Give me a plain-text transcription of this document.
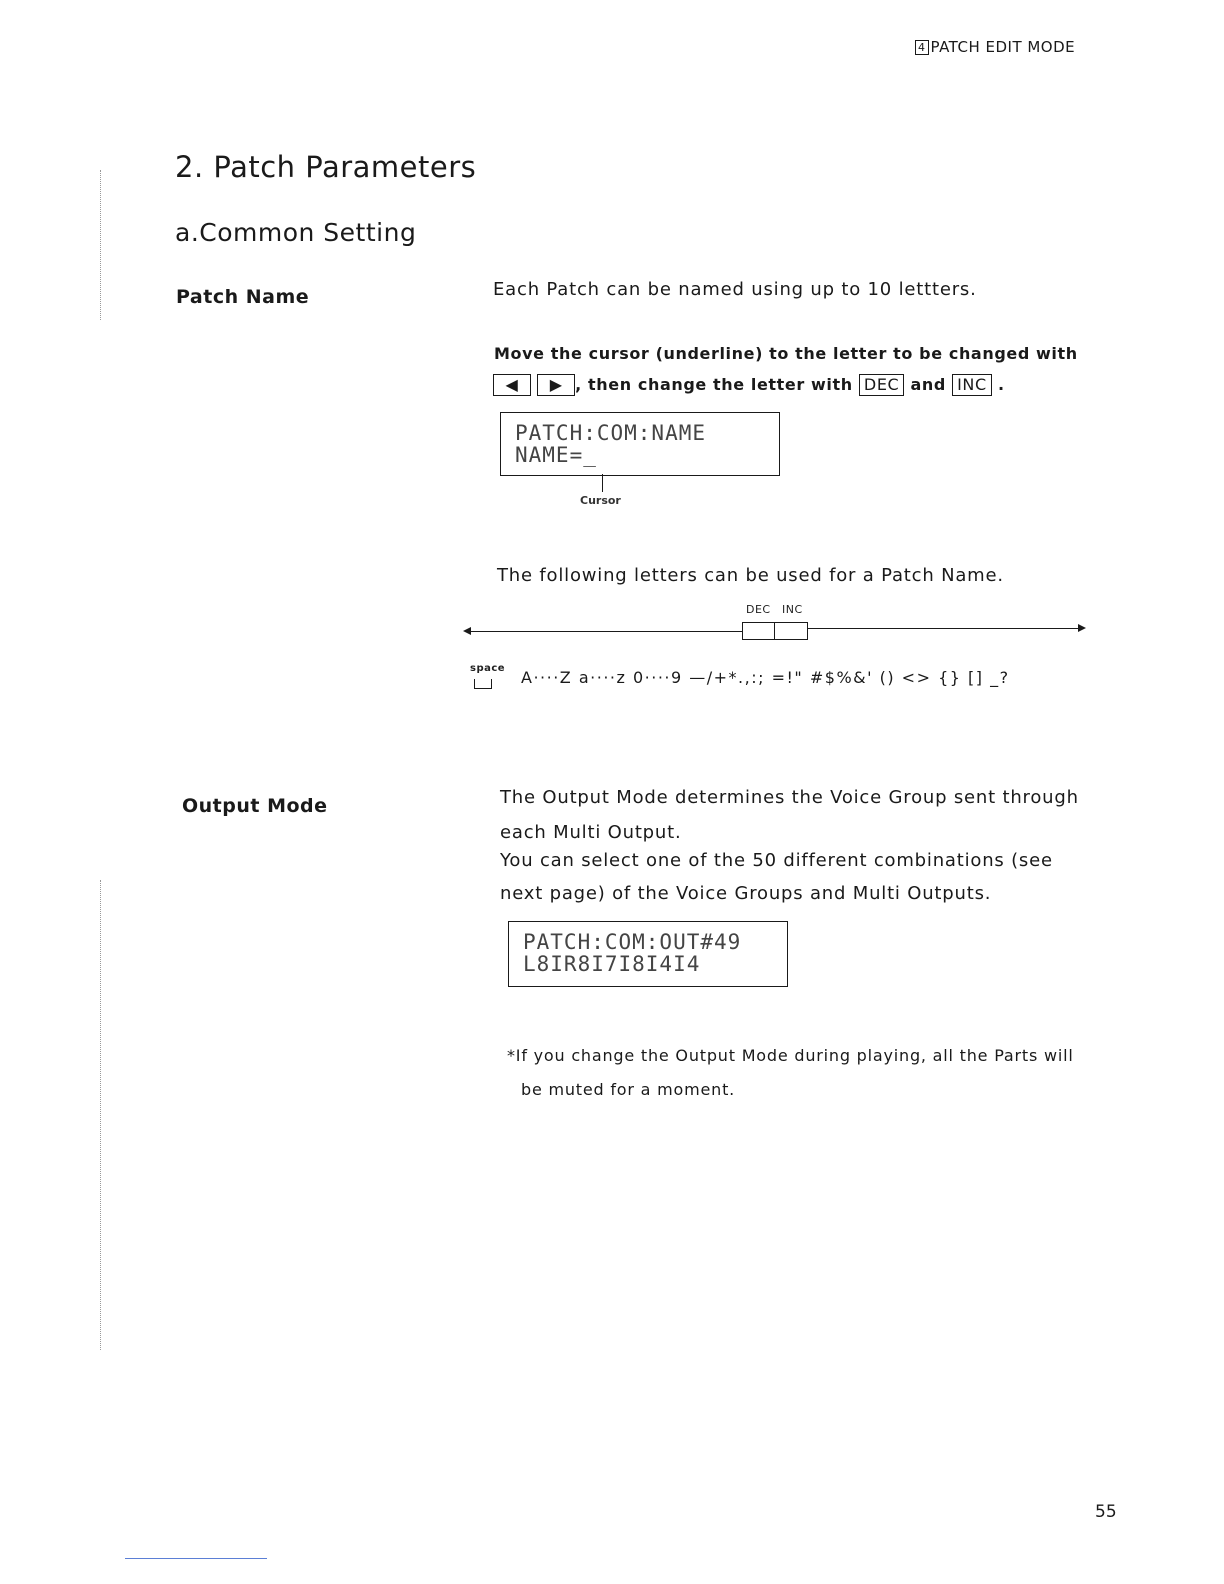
4 PATCH EDIT MODE
2. Patch Parameters
a.Common Setting
Patch Name	Each Patch can be named using up to 10 lettters.
Move the cursor (underline) to the letter to be changed with
◀ ▶ , then change the letter with DEC and INC .
PATCH:COM:NAME
NAME=_
Cursor
The following letters can be used for a Patch Name.
DEC INC
space A····Z a····z 0····9 —/+*.,:; =!" #$%&' () <> {} [] _?
Output Mode	The Output Mode determines the Voice Group sent through
each Multi Output.
You can select one of the 50 different combinations (see
next page) of the Voice Groups and Multi Outputs.
PATCH:COM:OUT#49
L8IR8I7I8I4I4
*If you change the Output Mode during playing, all the Parts will
be muted for a moment.
55
